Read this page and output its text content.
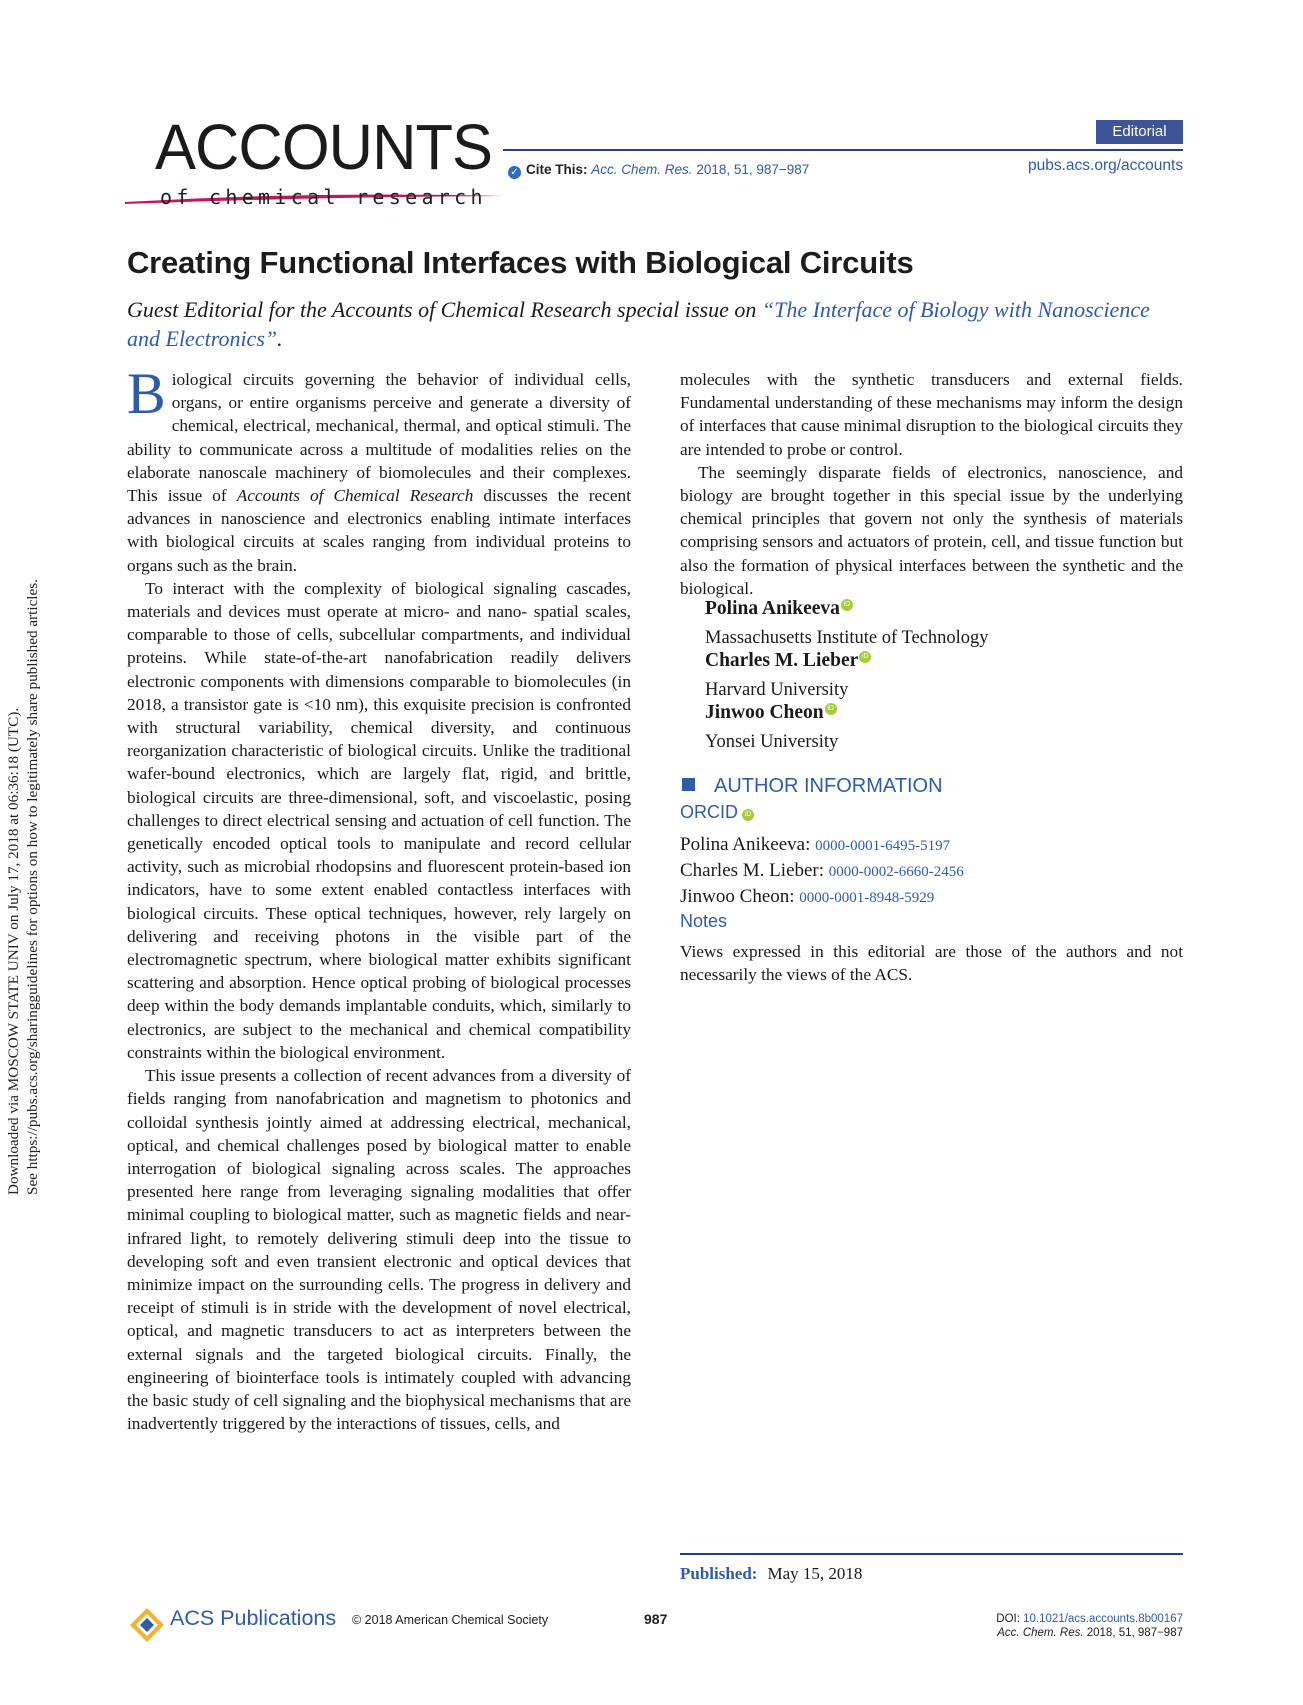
Downloaded via MOSCOW STATE UNIV on July 17, 2018 at 06:36:18 (UTC). See https://pubs.acs.org/sharingguidelines for options on how to legitimately share published articles.
ACCOUNTS
of chemical research
Editorial
✓ Cite This: Acc. Chem. Res. 2018, 51, 987−987	pubs.acs.org/accounts
Creating Functional Interfaces with Biological Circuits
Guest Editorial for the Accounts of Chemical Research special issue on “The Interface of Biology with Nanoscience and Electronics”.

Biological circuits governing the behavior of individual cells, organs, or entire organisms perceive and generate a diversity of chemical, electrical, mechanical, thermal, and optical stimuli. The ability to communicate across a multitude of modalities relies on the elaborate nanoscale machinery of biomolecules and their complexes. This issue of Accounts of Chemical Research discusses the recent advances in nanoscience and electronics enabling intimate interfaces with biological circuits at scales ranging from individual proteins to organs such as the brain.

To interact with the complexity of biological signaling cascades, materials and devices must operate at micro- and nano- spatial scales, comparable to those of cells, subcellular compartments, and individual proteins. While state-of-the-art nanofabrication readily delivers electronic components with dimensions comparable to biomolecules (in 2018, a transistor gate is <10 nm), this exquisite precision is confronted with structural variability, chemical diversity, and continuous reorganization characteristic of biological circuits. Unlike the traditional wafer-bound electronics, which are largely flat, rigid, and brittle, biological circuits are three-dimensional, soft, and viscoelastic, posing challenges to direct electrical sensing and actuation of cell function. The genetically encoded optical tools to manipulate and record cellular activity, such as microbial rhodopsins and fluorescent protein-based ion indicators, have to some extent enabled contactless interfaces with biological circuits. These optical techniques, however, rely largely on delivering and receiving photons in the visible part of the electromagnetic spectrum, where biological matter exhibits significant scattering and absorption. Hence optical probing of biological processes deep within the body demands implantable conduits, which, similarly to electronics, are subject to the mechanical and chemical compatibility constraints within the biological environment.

This issue presents a collection of recent advances from a diversity of fields ranging from nanofabrication and magnetism to photonics and colloidal synthesis jointly aimed at addressing electrical, mechanical, optical, and chemical challenges posed by biological matter to enable interrogation of biological signaling across scales. The approaches presented here range from leveraging signaling modalities that offer minimal coupling to biological matter, such as magnetic fields and near-infrared light, to remotely delivering stimuli deep into the tissue to developing soft and even transient electronic and optical devices that minimize impact on the surrounding cells. The progress in delivery and receipt of stimuli is in stride with the development of novel electrical, optical, and magnetic transducers to act as interpreters between the external signals and the targeted biological circuits. Finally, the engineering of biointerface tools is intimately coupled with advancing the basic study of cell signaling and the biophysical mechanisms that are inadvertently triggered by the interactions of tissues, cells, and

molecules with the synthetic transducers and external fields. Fundamental understanding of these mechanisms may inform the design of interfaces that cause minimal disruption to the biological circuits they are intended to probe or control.

The seemingly disparate fields of electronics, nanoscience, and biology are brought together in this special issue by the underlying chemical principles that govern not only the synthesis of materials comprising sensors and actuators of protein, cell, and tissue function but also the formation of physical interfaces between the synthetic and the biological.

Polina Anikeeva iD
Massachusetts Institute of Technology
Charles M. Lieber iD
Harvard University
Jinwoo Cheon iD
Yonsei University
AUTHOR INFORMATION
ORCID iD
Polina Anikeeva: 0000-0001-6495-5197
Charles M. Lieber: 0000-0002-6660-2456
Jinwoo Cheon: 0000-0001-8948-5929
Notes
Views expressed in this editorial are those of the authors and not necessarily the views of the ACS.
Published: May 15, 2018
ACS Publications © 2018 American Chemical Society	987	DOI: 10.1021/acs.accounts.8b00167
Acc. Chem. Res. 2018, 51, 987−987
